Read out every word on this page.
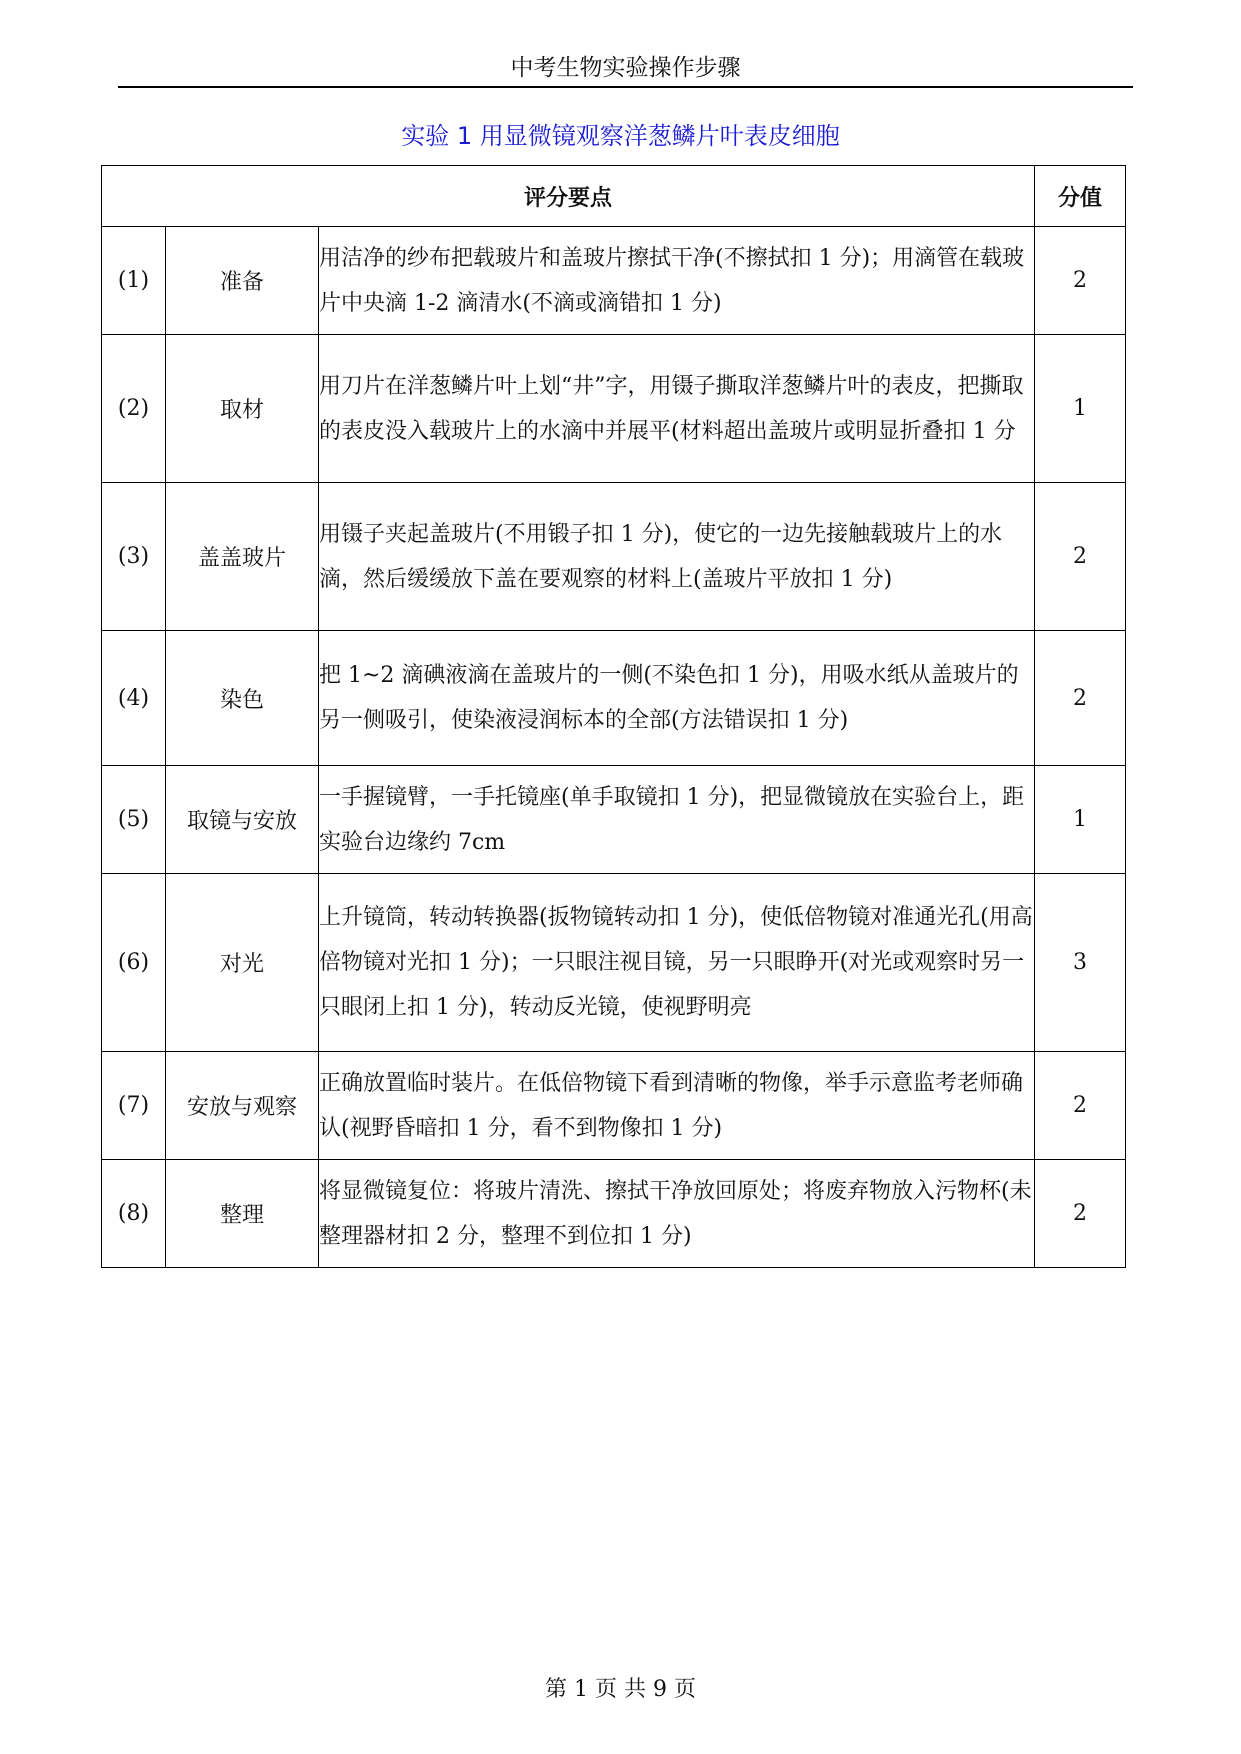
中考生物实验操作步骤
实验 1 用显微镜观察洋葱鳞片叶表皮细胞
评分要点			分值
(1)	准备	用洁净的纱布把载玻片和盖玻片擦拭干净(不擦拭扣 1 分)；用滴管在载玻片中央滴 1-2 滴清水(不滴或滴错扣 1 分)	2
(2)	取材	用刀片在洋葱鳞片叶上划“井”字，用镊子撕取洋葱鳞片叶的表皮，把撕取的表皮没入载玻片上的水滴中并展平(材料超出盖玻片或明显折叠扣 1 分	1
(3)	盖盖玻片	用镊子夹起盖玻片(不用锻子扣 1 分)，使它的一边先接触载玻片上的水滴，然后缓缓放下盖在要观察的材料上(盖玻片平放扣 1 分)	2
(4)	染色	把 1~2 滴碘液滴在盖玻片的一侧(不染色扣 1 分)，用吸水纸从盖玻片的另一侧吸引，使染液浸润标本的全部(方法错误扣 1 分)	2
(5)	取镜与安放	一手握镜臂，一手托镜座(单手取镜扣 1 分)，把显微镜放在实验台上，距实验台边缘约 7cm	1
(6)	对光	上升镜筒，转动转换器(扳物镜转动扣 1 分)，使低倍物镜对准通光孔(用高倍物镜对光扣 1 分)；一只眼注视目镜，另一只眼睁开(对光或观察时另一只眼闭上扣 1 分)，转动反光镜，使视野明亮	3
(7)	安放与观察	正确放置临时装片。在低倍物镜下看到清晰的物像，举手示意监考老师确认(视野昏暗扣 1 分，看不到物像扣 1 分)	2
(8)	整理	将显微镜复位：将玻片清洗、擦拭干净放回原处；将废弃物放入污物杯(未整理器材扣 2 分，整理不到位扣 1 分)	2
第 1 页 共 9 页
